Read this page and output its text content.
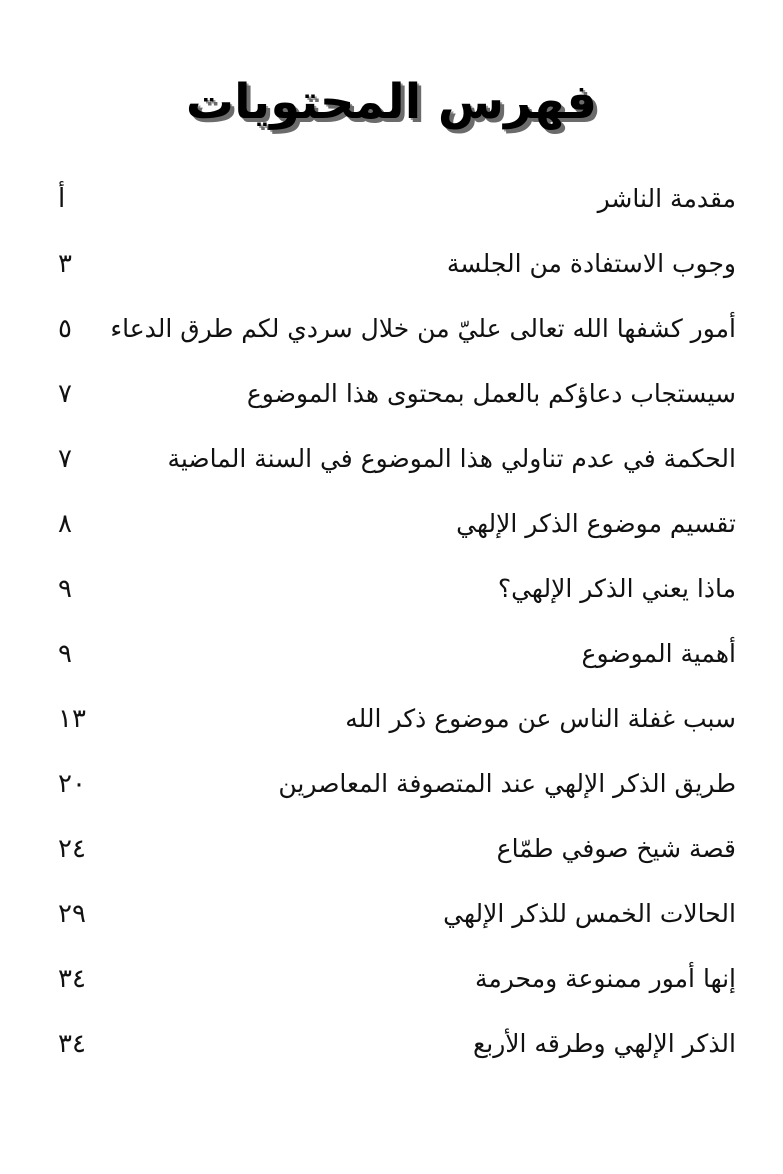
فهرس المحتويات
أ	مقدمة الناشر
٣	وجوب الاستفادة من الجلسة
٥	أمور كشفها الله تعالى عليّ من خلال سردي لكم طرق الدعاء
٧	سيستجاب دعاؤكم بالعمل بمحتوى هذا الموضوع
٧	الحكمة في عدم تناولي هذا الموضوع في السنة الماضية
٨	تقسيم موضوع الذكر الإلهي
٩	ماذا يعني الذكر الإلهي؟
٩	أهمية الموضوع
١٣	سبب غفلة الناس عن موضوع ذكر الله
٢٠	طريق الذكر الإلهي عند المتصوفة المعاصرين
٢٤	قصة شيخ صوفي طمّاع
٢٩	الحالات الخمس للذكر الإلهي
٣٤	إنها أمور ممنوعة ومحرمة
٣٤	الذكر الإلهي وطرقه الأربع
